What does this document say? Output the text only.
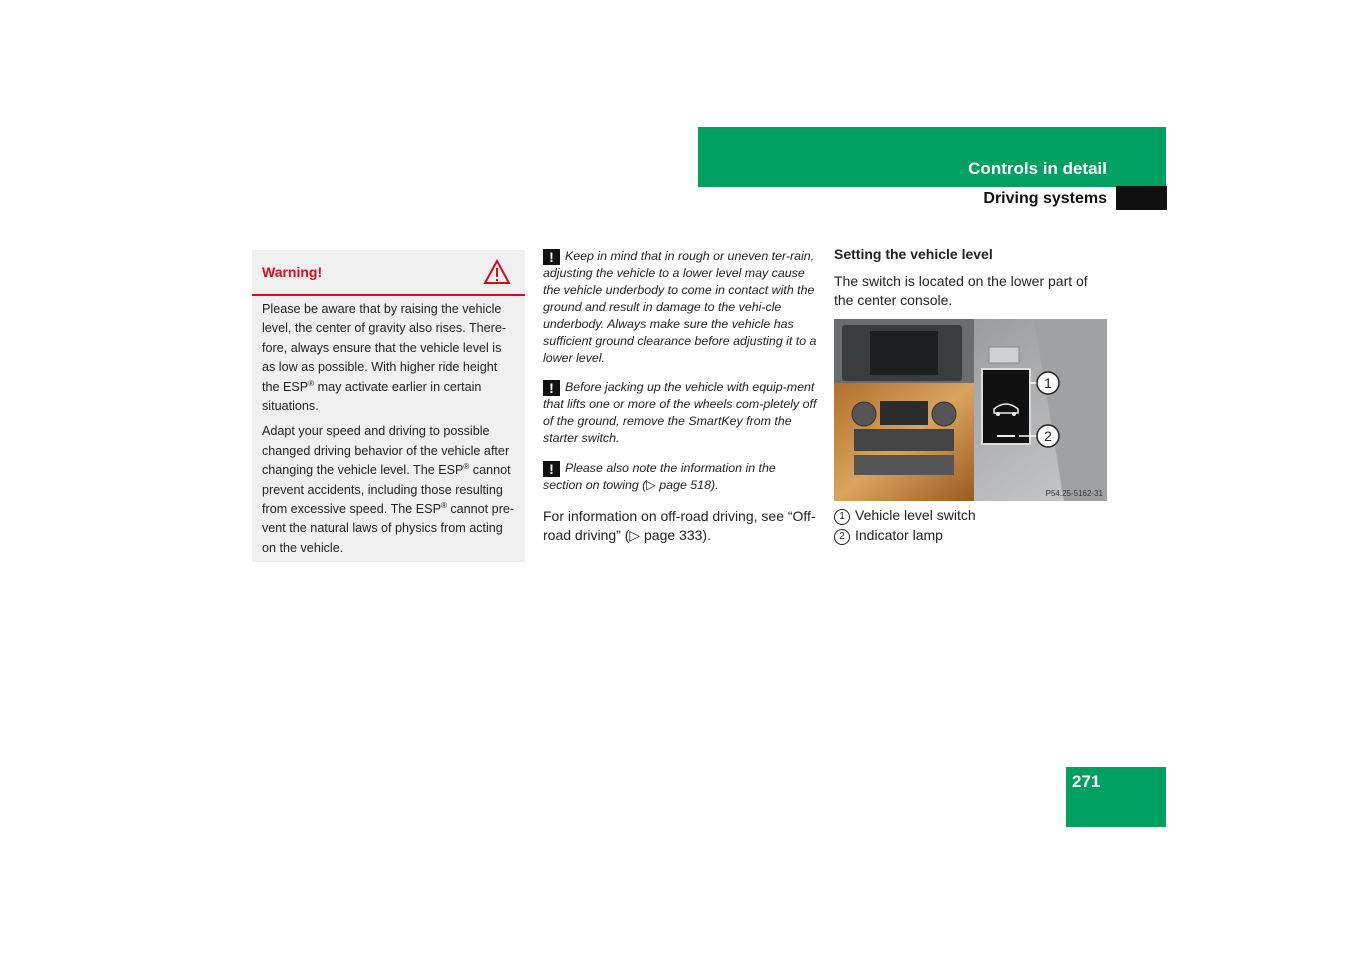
Controls in detail
Driving systems
Warning!

Please be aware that by raising the vehicle level, the center of gravity also rises. There-fore, always ensure that the vehicle level is as low as possible. With higher ride height the ESP® may activate earlier in certain situations.

Adapt your speed and driving to possible changed driving behavior of the vehicle after changing the vehicle level. The ESP® cannot prevent accidents, including those resulting from excessive speed. The ESP® cannot pre-vent the natural laws of physics from acting on the vehicle.

! Keep in mind that in rough or uneven ter-rain, adjusting the vehicle to a lower level may cause the vehicle underbody to come in contact with the ground and result in damage to the vehi-cle underbody. Always make sure the vehicle has sufficient ground clearance before adjusting it to a lower level.

! Before jacking up the vehicle with equip-ment that lifts one or more of the wheels com-pletely off of the ground, remove the SmartKey from the starter switch.

! Please also note the information in the section on towing (▷ page 518).

For information on off-road driving, see “Off-road driving” (▷ page 333).

Setting the vehicle level

The switch is located on the lower part of the center console.

1
2
P54.25-5162-31

1 Vehicle level switch

2 Indicator lamp

271
